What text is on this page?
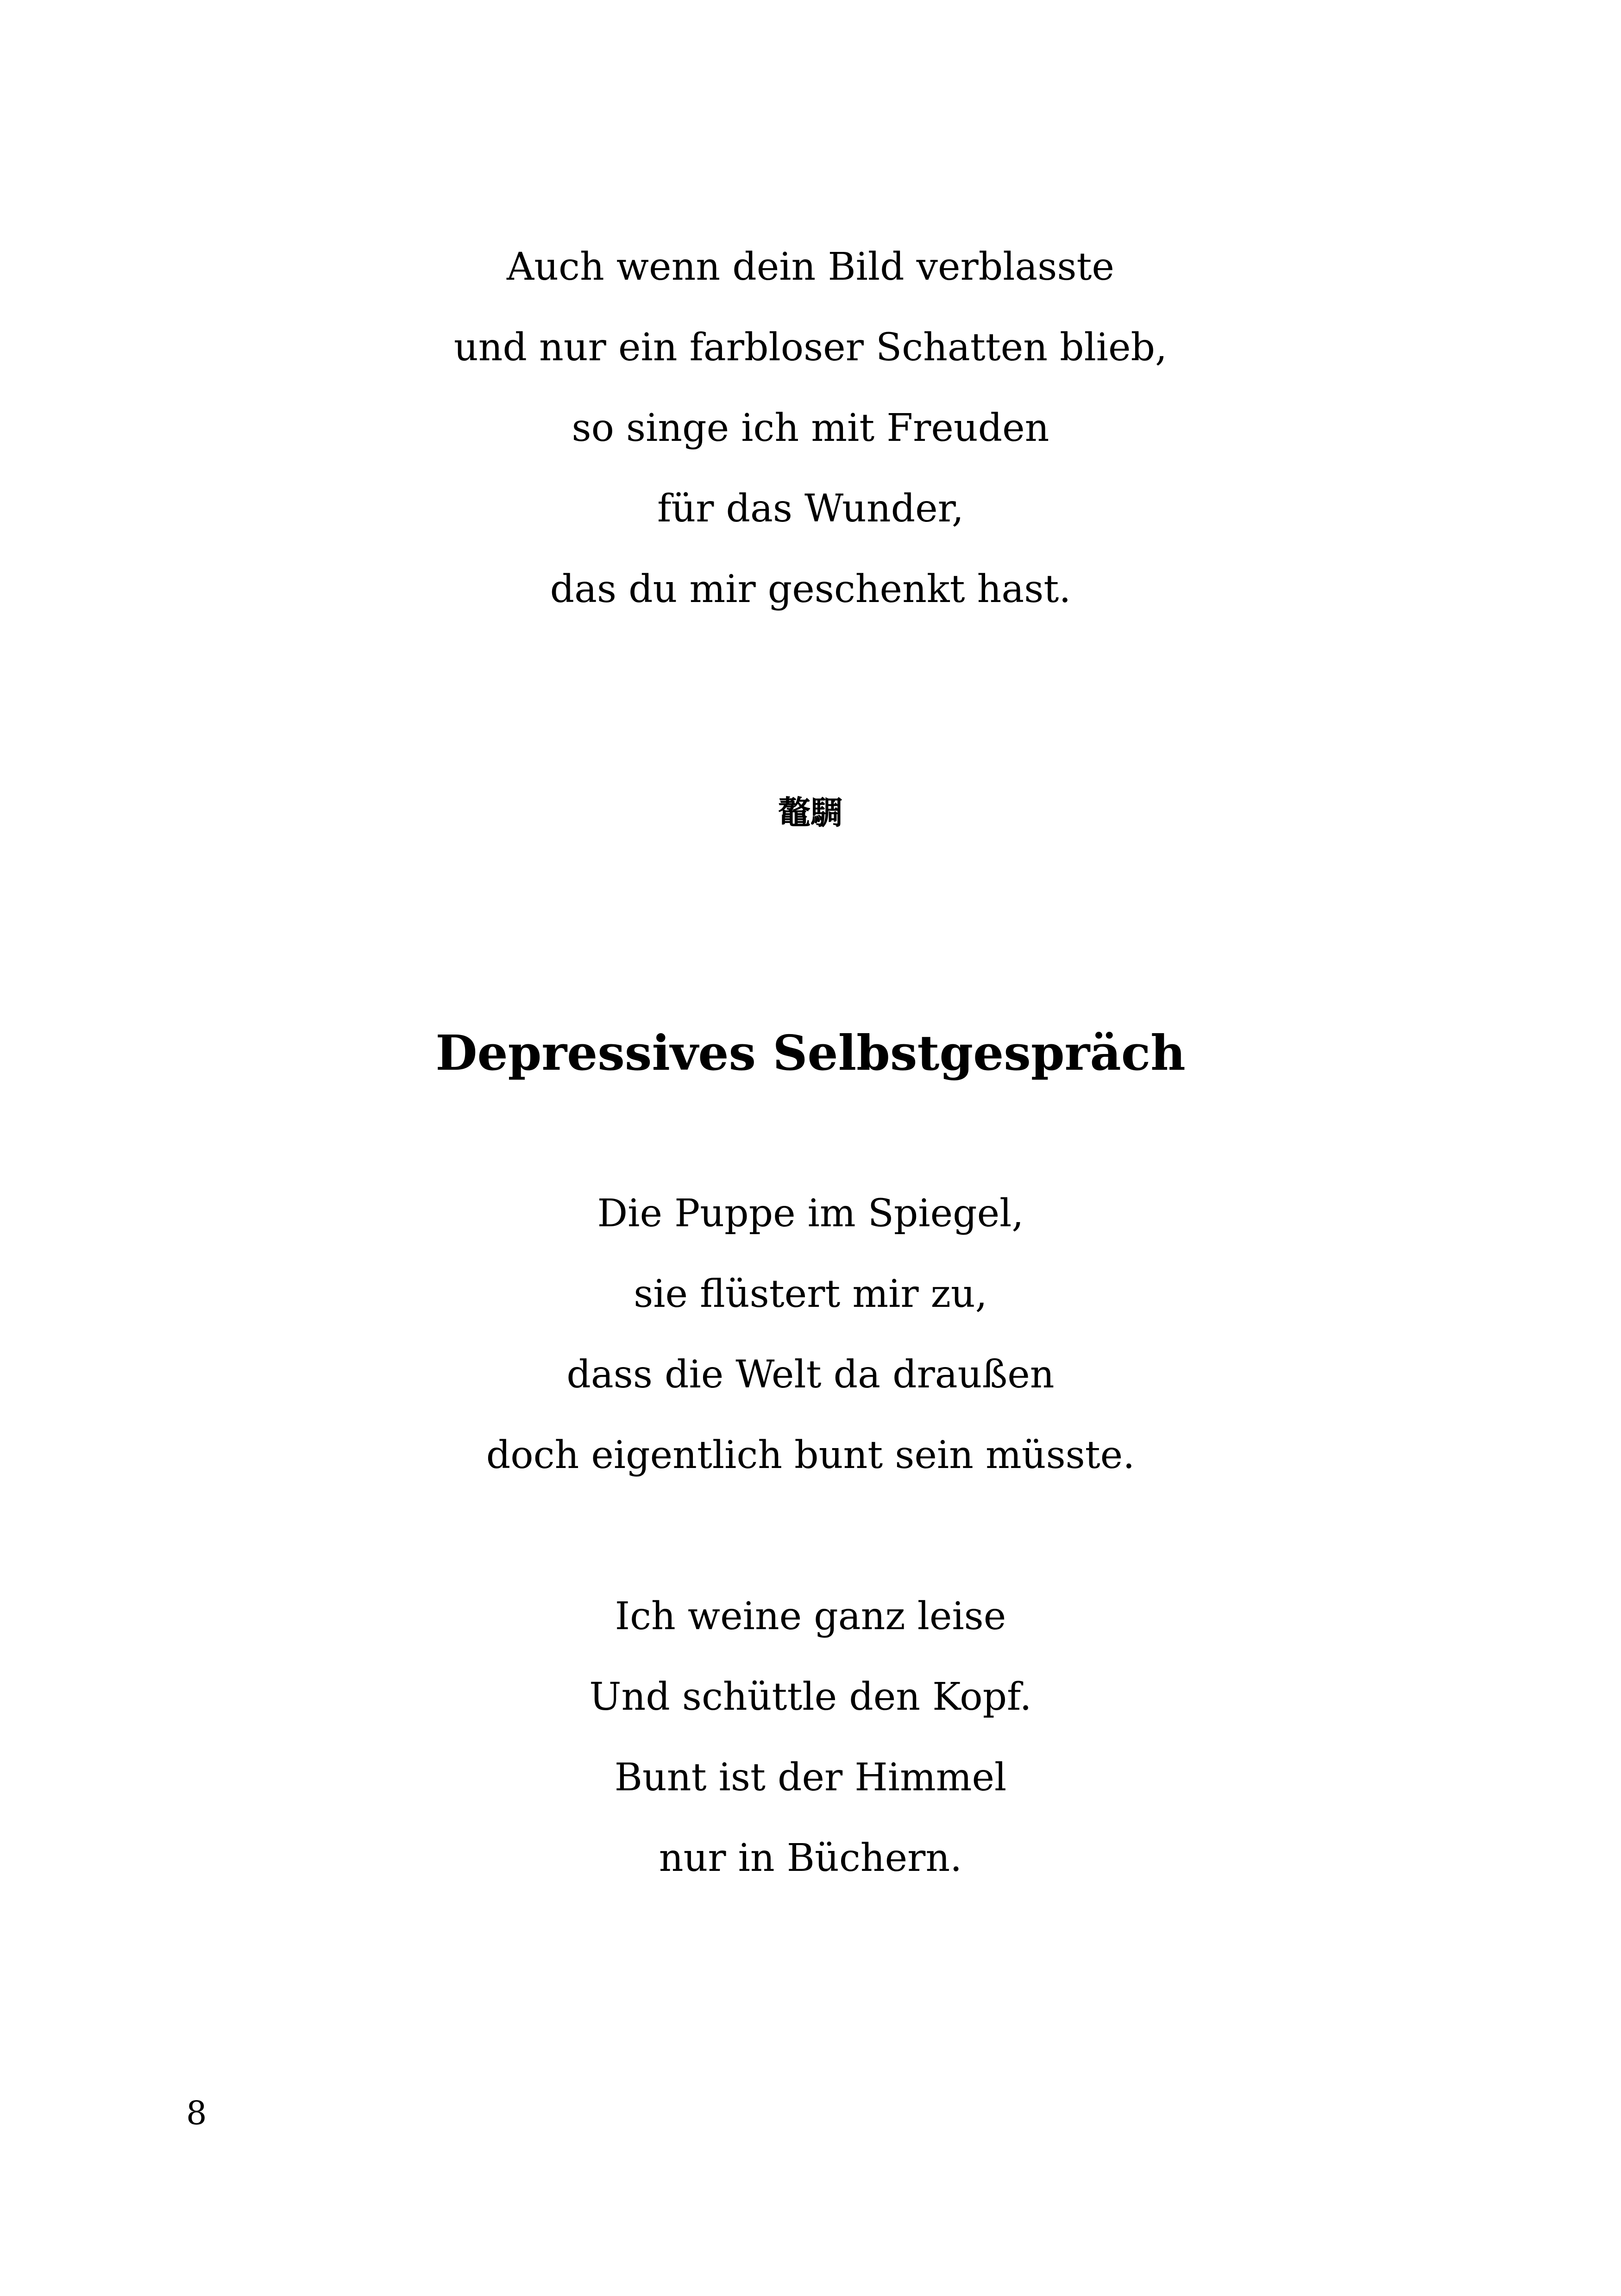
Auch wenn dein Bild verblasste
und nur ein farbloser Schatten blieb,
so singe ich mit Freuden
für das Wunder,
das du mir geschenkt hast.
鼇騆
Depressives Selbstgespräch
Die Puppe im Spiegel,
sie flüstert mir zu,
dass die Welt da draußen
doch eigentlich bunt sein müsste.
Ich weine ganz leise
Und schüttle den Kopf.
Bunt ist der Himmel
nur in Büchern.
8
